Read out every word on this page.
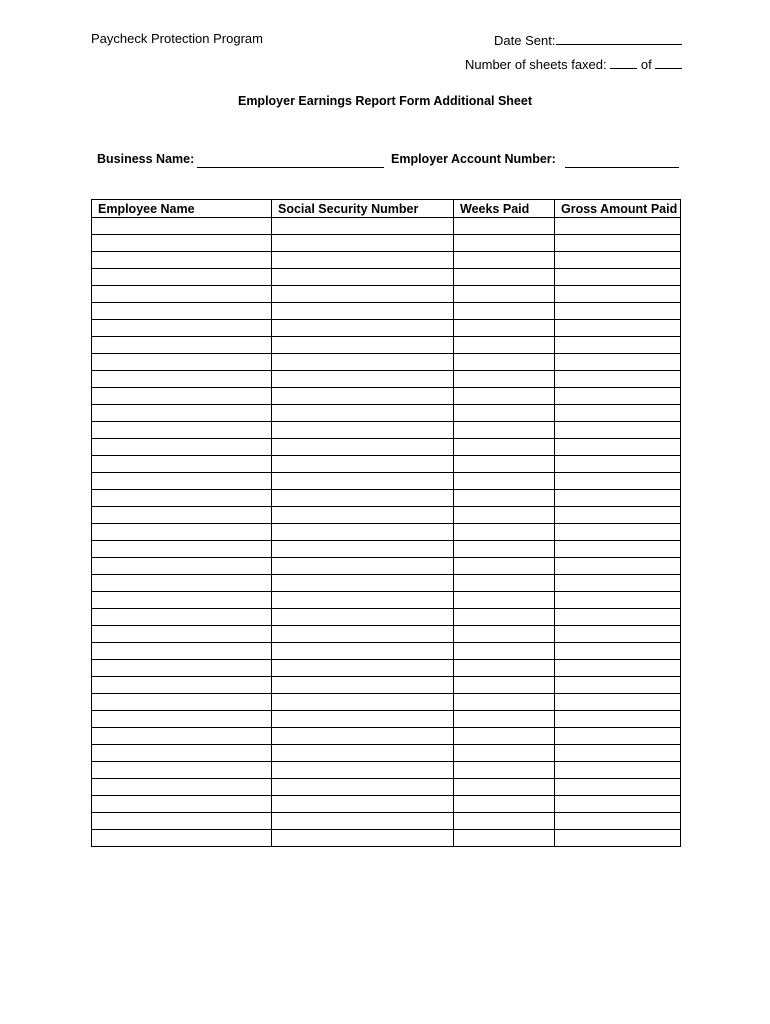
Paycheck Protection Program	Date Sent:
Number of sheets faxed:	of
Employer Earnings Report Form Additional Sheet
Business Name:	Employer Account Number:
Employee Name	Social Security Number	Weeks Paid	Gross Amount Paid
